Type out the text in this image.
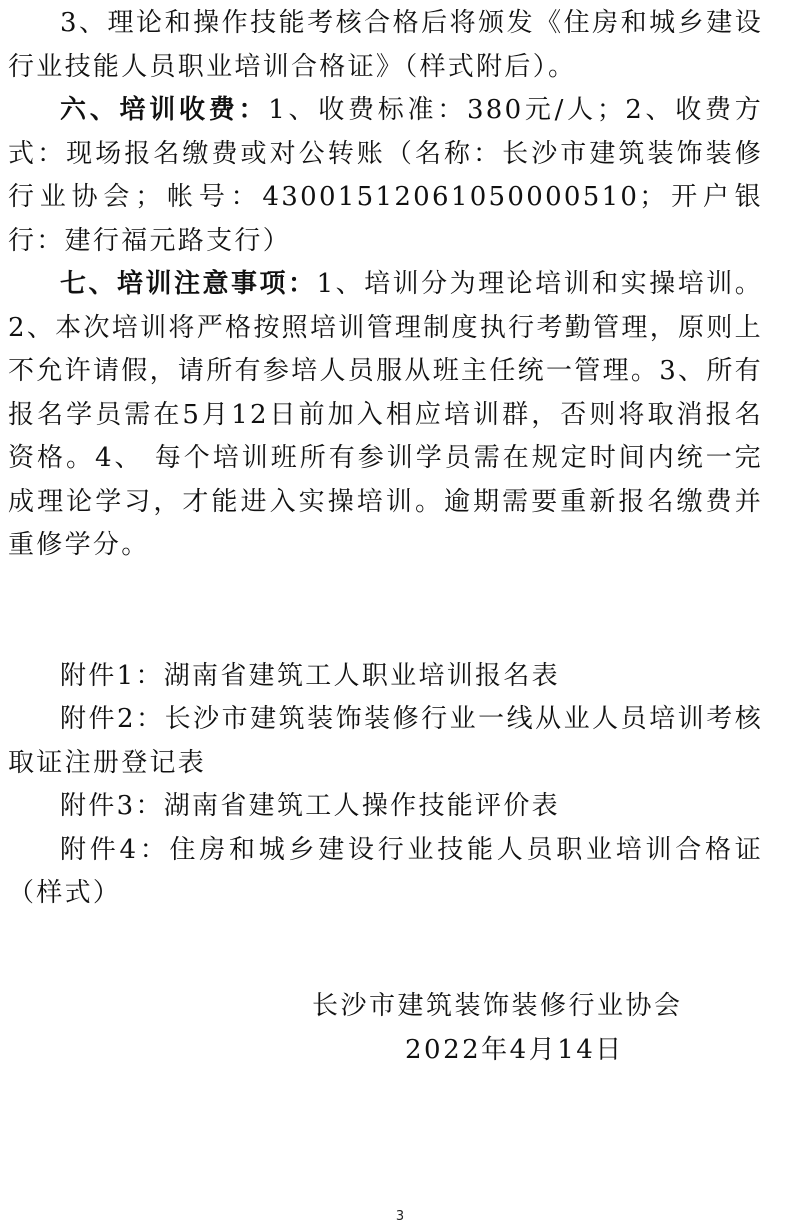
3、理论和操作技能考核合格后将颁发《住房和城乡建设行业技能人员职业培训合格证》（样式附后）。

六、培训收费：1、收费标准：380元/人；2、收费方式：现场报名缴费或对公转账（名称：长沙市建筑装饰装修行业协会；帐号：43001512061050000510；开户银行：建行福元路支行）

七、培训注意事项：1、培训分为理论培训和实操培训。2、本次培训将严格按照培训管理制度执行考勤管理，原则上不允许请假，请所有参培人员服从班主任统一管理。3、所有报名学员需在5月12日前加入相应培训群，否则将取消报名资格。4、 每个培训班所有参训学员需在规定时间内统一完成理论学习，才能进入实操培训。逾期需要重新报名缴费并重修学分。

附件1：湖南省建筑工人职业培训报名表

附件2：长沙市建筑装饰装修行业一线从业人员培训考核取证注册登记表

附件3：湖南省建筑工人操作技能评价表

附件4：住房和城乡建设行业技能人员职业培训合格证（样式）

长沙市建筑装饰装修行业协会
2022年4月14日
3
